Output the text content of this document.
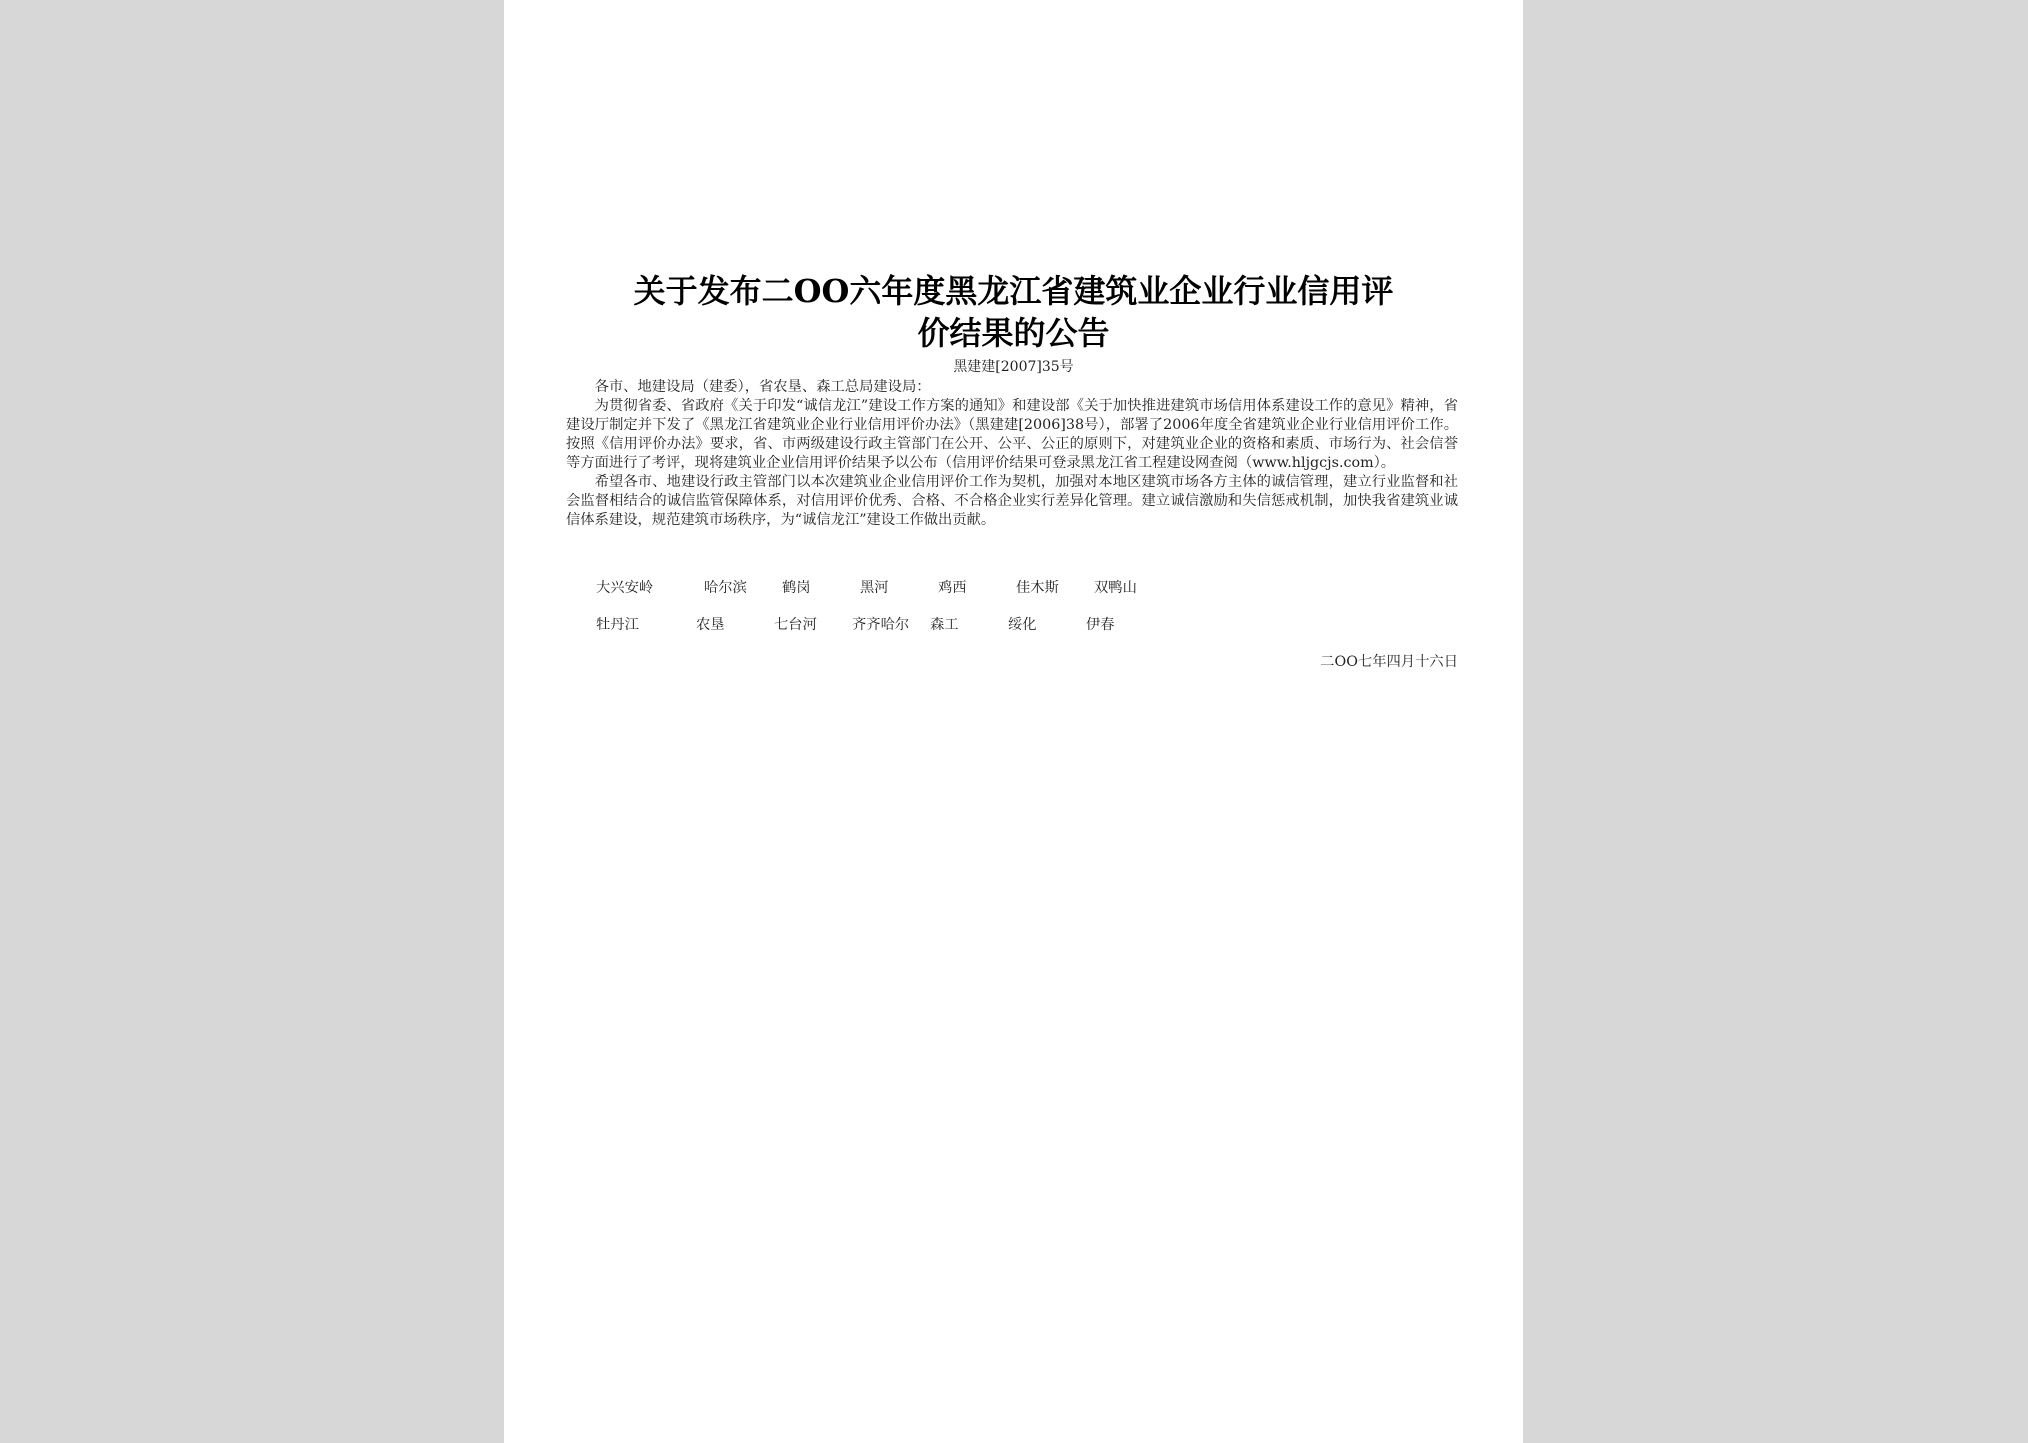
关于发布二OO六年度黑龙江省建筑业企业行业信用评
价结果的公告
黑建建[2007]35号

各市、地建设局（建委），省农垦、森工总局建设局：

为贯彻省委、省政府《关于印发“诚信龙江”建设工作方案的通知》和建设部《关于加快推进建筑市场信用体系建设工作的意见》精神，省建设厅制定并下发了《黑龙江省建筑业企业行业信用评价办法》（黑建建[2006]38号），部署了2006年度全省建筑业企业行业信用评价工作。按照《信用评价办法》要求，省、市两级建设行政主管部门在公开、公平、公正的原则下，对建筑业企业的资格和素质、市场行为、社会信誉等方面进行了考评，现将建筑业企业信用评价结果予以公布（信用评价结果可登录黑龙江省工程建设网查阅（www.hljgcjs.com）。

希望各市、地建设行政主管部门以本次建筑业企业信用评价工作为契机，加强对本地区建筑市场各方主体的诚信管理，建立行业监督和社会监督相结合的诚信监管保障体系，对信用评价优秀、合格、不合格企业实行差异化管理。建立诚信激励和失信惩戒机制，加快我省建筑业诚信体系建设，规范建筑市场秩序，为“诚信龙江”建设工作做出贡献。

大兴安岭	哈尔滨	鹤岗	黑河	鸡西	佳木斯	双鸭山
牡丹江	农垦	七台河	齐齐哈尔	森工	绥化	伊春
二OO七年四月十六日
